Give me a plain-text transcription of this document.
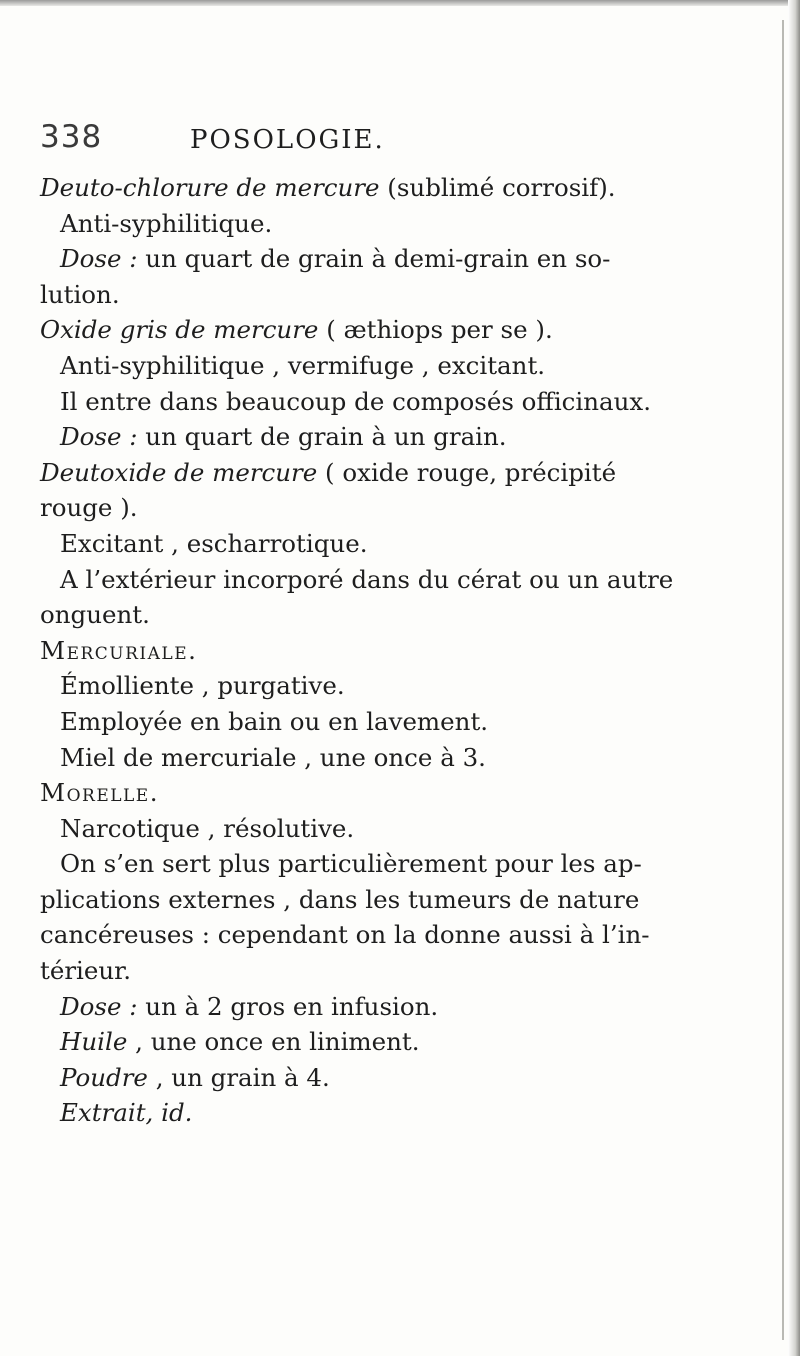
338	POSOLOGIE.
Deuto-chlorure de mercure (sublimé corrosif).
Anti-syphilitique.
Dose : un quart de grain à demi-grain en so-
lution.
Oxide gris de mercure ( æthiops per se ).
Anti-syphilitique , vermifuge , excitant.
Il entre dans beaucoup de composés officinaux.
Dose : un quart de grain à un grain.
Deutoxide de mercure ( oxide rouge, précipité
rouge ).
Excitant , escharrotique.
A l’extérieur incorporé dans du cérat ou un autre
onguent.
Mercuriale.
Émolliente , purgative.
Employée en bain ou en lavement.
Miel de mercuriale , une once à 3.
Morelle.
Narcotique , résolutive.
On s’en sert plus particulièrement pour les ap-
plications externes , dans les tumeurs de nature
cancéreuses : cependant on la donne aussi à l’in-
térieur.
Dose : un à 2 gros en infusion.
Huile , une once en liniment.
Poudre , un grain à 4.
Extrait, id.
